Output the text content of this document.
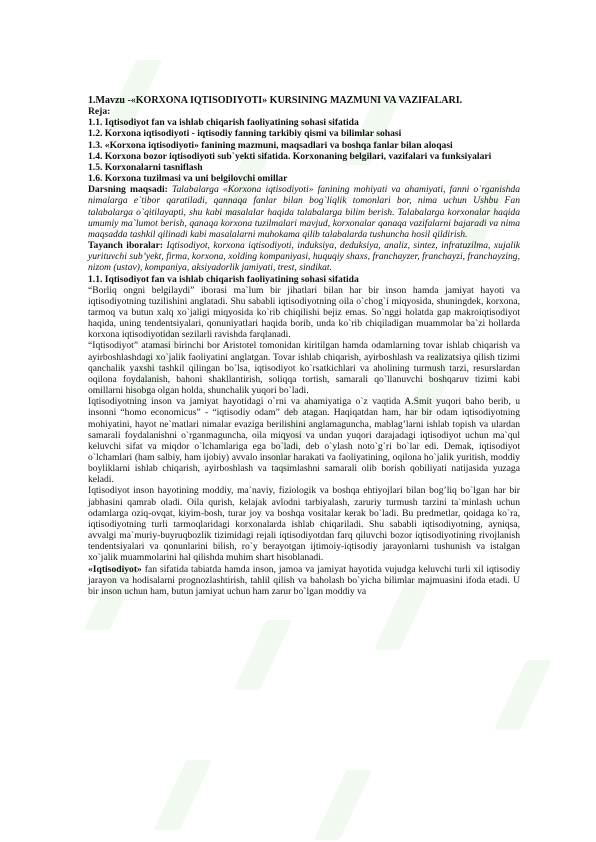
1.Mavzu -«KORXONA IQTISODIYOTI» KURSINING MAZMUNI VA VAZIFALARI.

Reja:

1.1. Iqtisodiyot fan va ishlab chiqarish faoliyatining sohasi sifatida

1.2. Korxona iqtisodiyoti - iqtisodiy fanning tarkibiy qismi va bilimlar sohasi

1.3. «Korxona iqtisodiyoti» fanining mazmuni, maqsadlari va boshqa fanlar bilan aloqasi

1.4. Korxona bozor iqtisodiyoti sub`yekti sifatida. Korxonaning belgilari, vazifalari va funksiyalari

1.5. Korxonalarni tasniflash

1.6. Korxona tuzilmasi va uni belgilovchi omillar

Darsning maqsadi: Talabalarga «Korxona iqtisodiyoti» fanining mohiyati va ahamiyati, fanni o`rganishda nimalarga e`tibor qaratiladi, qannaqa fanlar bilan bog`liqlik tomonlari bor, nima uchun Ushbu Fan talabalarga o`qitilayapti, shu kabi masalalar haqida talabalarga bilim berish. Talabalarga korxonalar haqida umumiy ma`lumot berish, qanaqa korxona tuzilmalari mavjud, korxonalar qanaqa vazifalarni bajaradi va nima maqsadda tashkil qilinadi kabi masalalarni muhokama qilib talabalarda tushuncha hosil qildirish.

Tayanch iboralar: Iqtisodiyot, korxona iqtisodiyoti, induksiya, deduksiya, analiz, sintez, infratuzilma, xujalik yurituvchi sub’yekt, firma, korxona, xolding kompaniyasi, huquqiy shaxs, franchayzer, franchayzi, franchayzing, nizom (ustav), kompaniya, aksiyadorlik jamiyati, trest, sindikat.

1.1. Iqtisodiyot fan va ishlab chiqarish faoliyatining sohasi sifatida

“Borliq ongni belgilaydi” iborasi ma`lum bir jihatlari bilan har bir inson hamda jamiyat hayoti va iqtisodiyotning tuzilishini anglatadi. Shu sababli iqtisodiyotning oila o`chog`i miqyosida, shuningdek, korxona, tarmoq va butun xalq xo`jaligi miqyosida ko`rib chiqilishi bejiz emas. So`nggi holatda gap makroiqtisodiyot haqida, uning tendentsiyalari, qonuniyatlari haqida borib, unda ko`rib chiqiladigan muammolar ba`zi hollarda korxona iqtisodiyotidan sezilarli ravishda farqlanadi.

“Iqtisodiyot” atamasi birinchi bor Aristotel tomonidan kiritilgan hamda odamlarning tovar ishlab chiqarish va ayirboshlashdagi xo`jalik faoliyatini anglatgan. Tovar ishlab chiqarish, ayirboshlash va realizatsiya qilish tizimi qanchalik yaxshi tashkil qilingan bo`lsa, iqtisodiyot ko`rsatkichlari va aholining turmush tarzi, resurslardan oqilona foydalanish, bahoni shakllantirish, soliqqa tortish, samarali qo`llanuvchi boshqaruv tizimi kabi omillarni hisobga olgan holda, shunchalik yuqori bo`ladi.

Iqtisodiyotning inson va jamiyat hayotidagi o`rni va ahamiyatiga o`z vaqtida A.Smit yuqori baho berib, u insonni “homo economicus” - “iqtisodiy odam” deb atagan. Haqiqatdan ham, har bir odam iqtisodiyotning mohiyatini, hayot ne`matlari nimalar evaziga berilishini anglamaguncha, mablag’larni ishlab topish va ulardan samarali foydalanishni o`rganmaguncha, oila miqyosi va undan yuqori darajadagi iqtisodiyot uchun ma`qul keluvchi sifat va miqdor o`lchamlariga ega bo`ladi, deb o`ylash noto`g`ri bo`lar edi. Demak, iqtisodiyot o`lchamlari (ham salbiy, ham ijobiy) avvalo insonlar harakati va faoliyatining, oqilona ho`jalik yuritish, moddiy boyliklarni ishlab chiqarish, ayirboshlash va taqsimlashni samarali olib borish qobiliyati natijasida yuzaga keladi.

Iqtisodiyot inson hayotining moddiy, ma`naviy, fiziologik va boshqa ehtiyojlari bilan bog’liq bo`lgan har bir jabhasini qamrab oladi. Oila qurish, kelajak avlodni tarbiyalash, zaruriy turmush tarzini ta`minlash uchun odamlarga oziq-ovqat, kiyim-bosh, turar joy va boshqa vositalar kerak bo`ladi. Bu predmetlar, qoidaga ko`ra, iqtisodiyotning turli tarmoqlaridagi korxonalarda ishlab chiqariladi. Shu sababli iqtisodiyotning, ayniqsa, avvalgi ma`muriy-buyruqbozlik tizimidagi rejali iqtisodiyotdan farq qiluvchi bozor iqtisodiyotining rivojlanish tendentsiyalari va qonunlarini bilish, ro`y berayotgan ijtimoiy-iqtisodiy jarayonlarni tushunish va istalgan xo`jalik muammolarini hal qilishda muhim shart hisoblanadi.

«Iqtisodiyot» fan sifatida tabiatda hamda inson, jamoa va jamiyat hayotida vujudga keluvchi turli xil iqtisodiy jarayon va hodisalarni prognozlashtirish, tahlil qilish va baholash bo`yicha bilimlar majmuasini ifoda etadi. U bir inson uchun ham, butun jamiyat uchun ham zarur bo`lgan moddiy va
